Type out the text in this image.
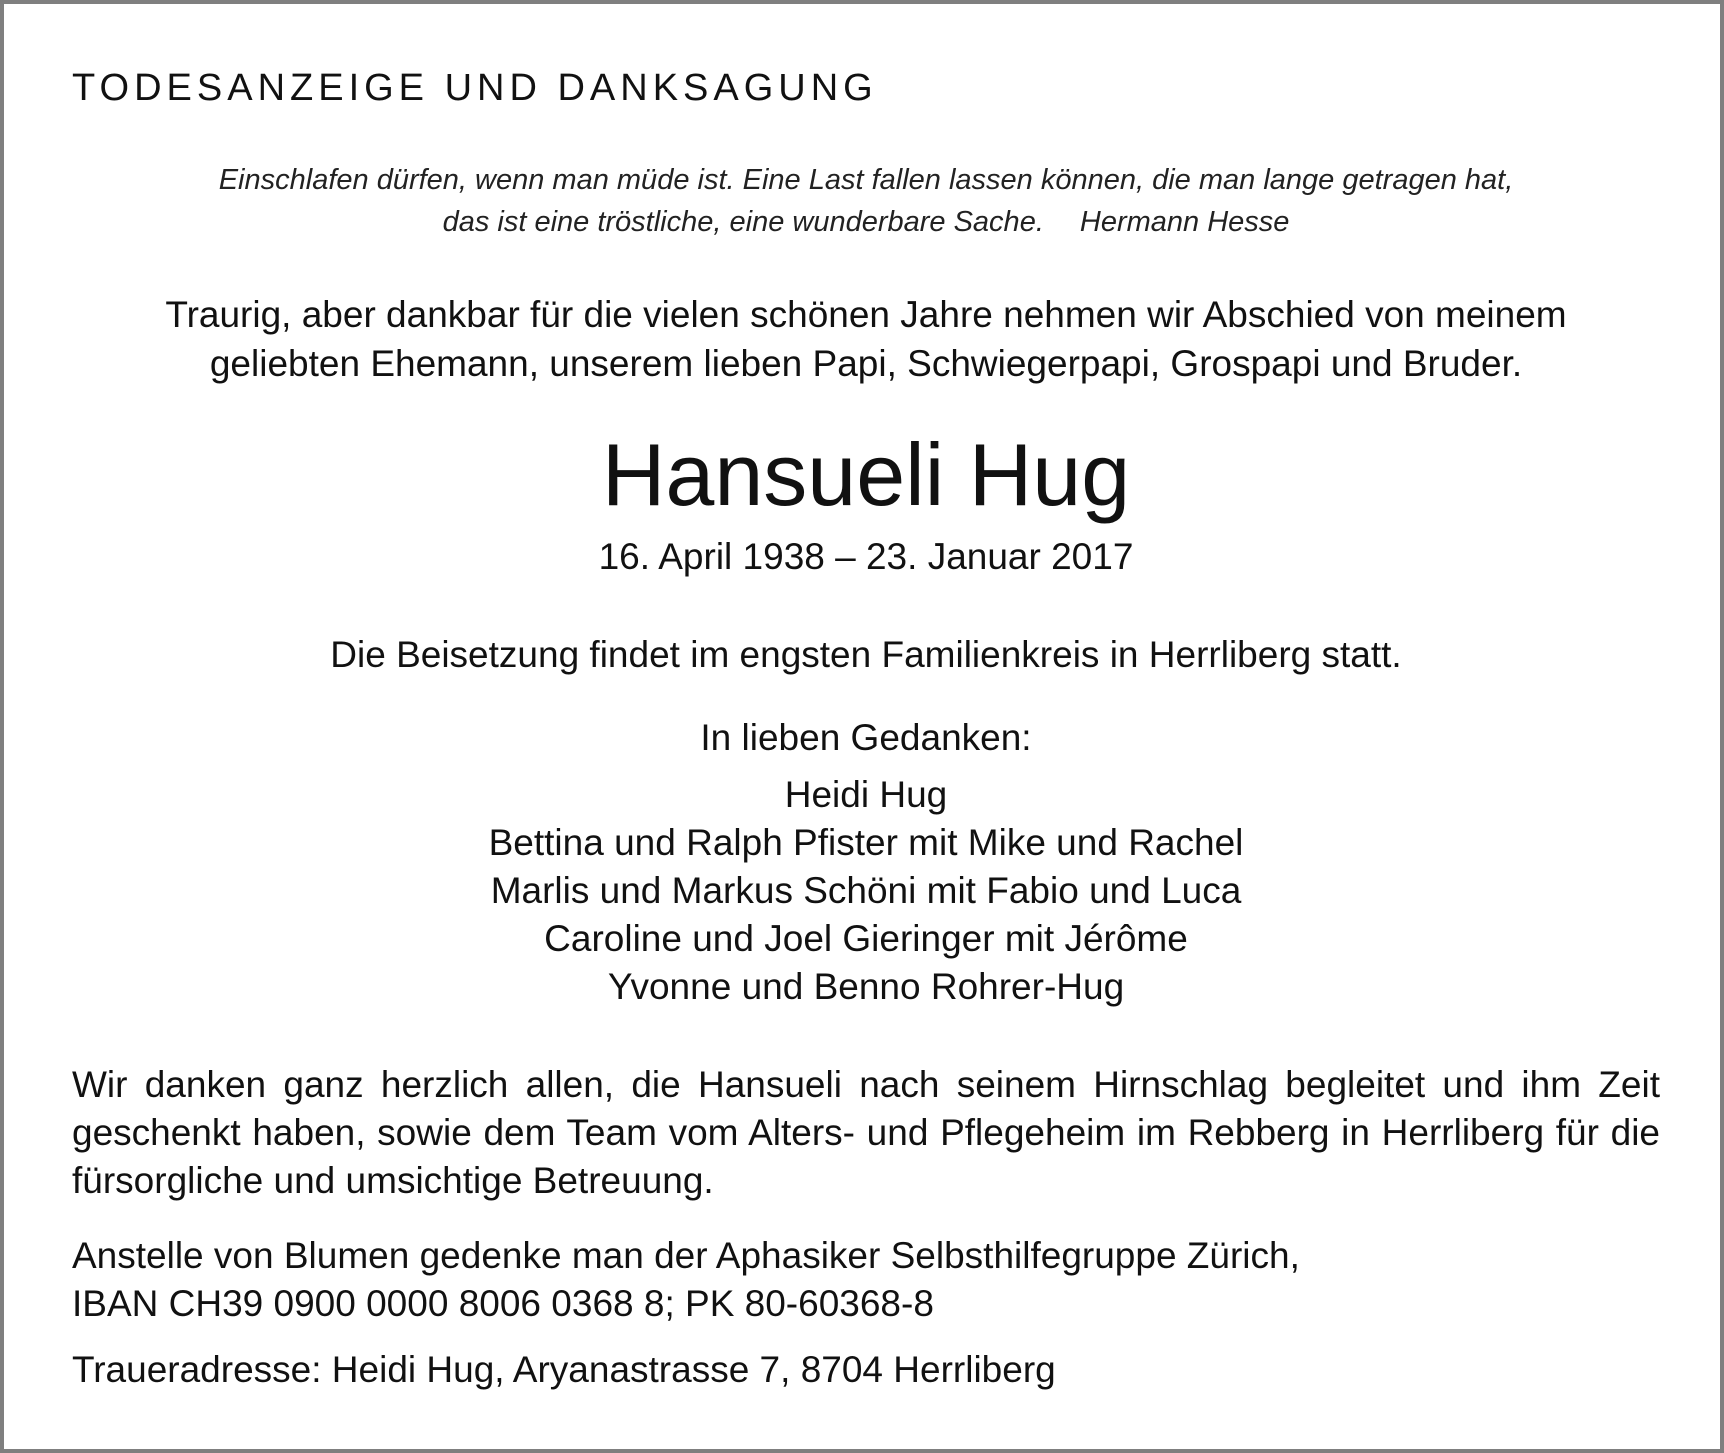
TODESANZEIGE UND DANKSAGUNG
Einschlafen dürfen, wenn man müde ist. Eine Last fallen lassen können, die man lange getragen hat,
das ist eine tröstliche, eine wunderbare Sache. Hermann Hesse
Traurig, aber dankbar für die vielen schönen Jahre nehmen wir Abschied von meinem
geliebten Ehemann, unserem lieben Papi, Schwiegerpapi, Grospapi und Bruder.
Hansueli Hug
16. April 1938 – 23. Januar 2017
Die Beisetzung findet im engsten Familienkreis in Herrliberg statt.
In lieben Gedanken:
Heidi Hug
Bettina und Ralph Pfister mit Mike und Rachel
Marlis und Markus Schöni mit Fabio und Luca
Caroline und Joel Gieringer mit Jérôme
Yvonne und Benno Rohrer-Hug
Wir danken ganz herzlich allen, die Hansueli nach seinem Hirnschlag begleitet und ihm Zeit geschenkt haben, sowie dem Team vom Alters- und Pflegeheim im Rebberg in Herrliberg für die fürsorgliche und umsichtige Betreuung.
Anstelle von Blumen gedenke man der Aphasiker Selbsthilfegruppe Zürich,
IBAN CH39 0900 0000 8006 0368 8; PK 80-60368-8
Traueradresse: Heidi Hug, Aryanastrasse 7, 8704 Herrliberg
